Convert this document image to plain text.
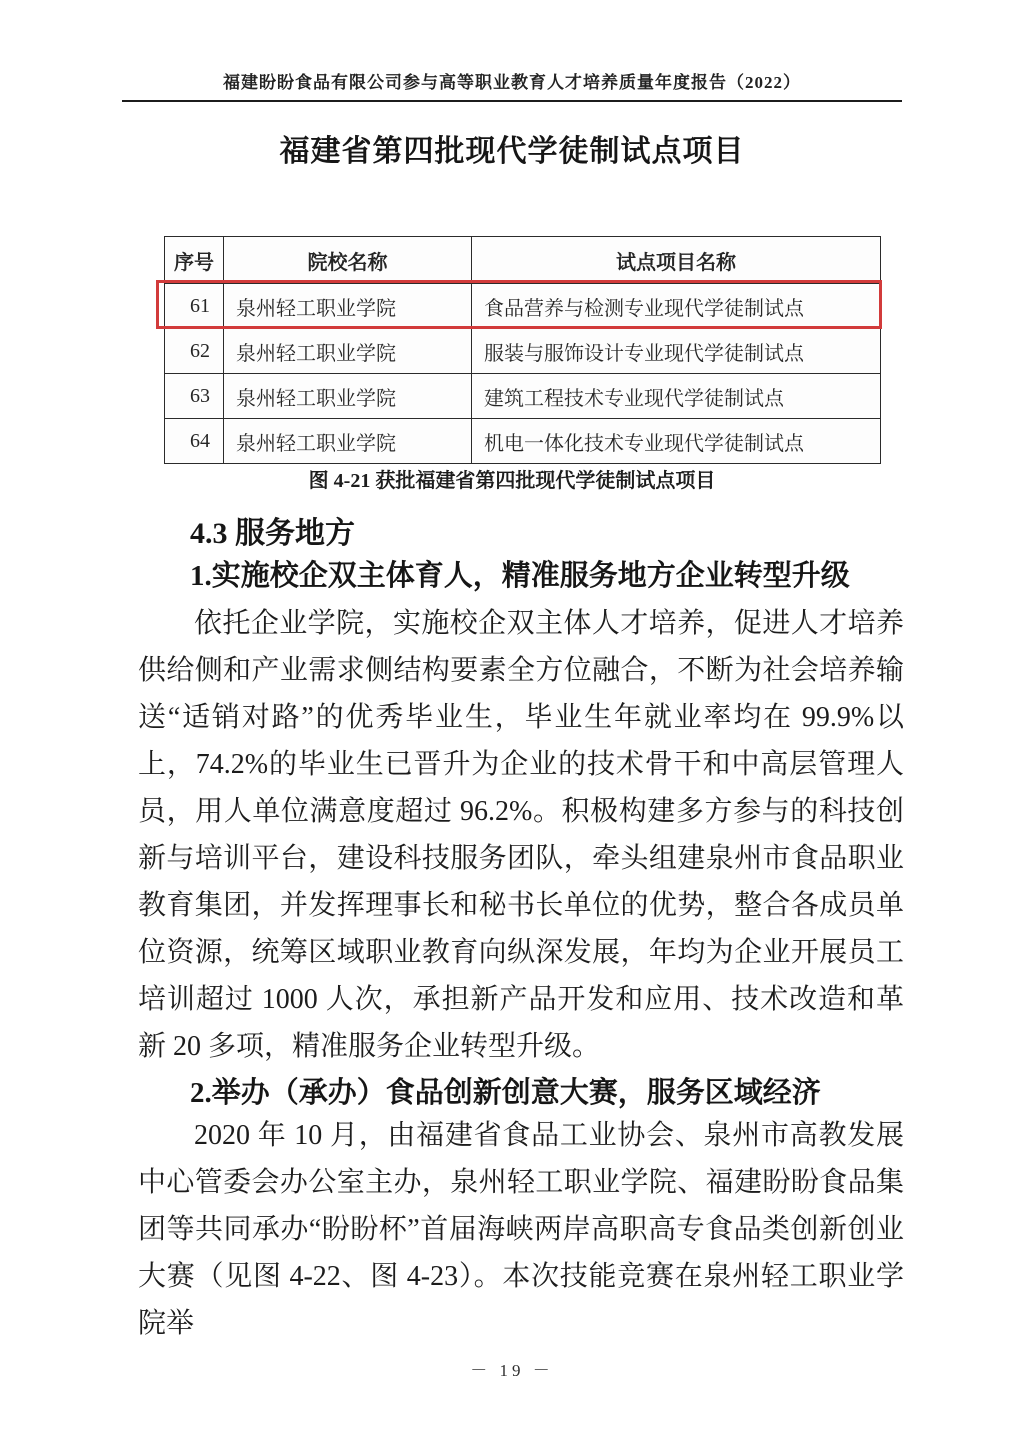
福建盼盼食品有限公司参与高等职业教育人才培养质量年度报告（2022）
福建省第四批现代学徒制试点项目
序号	院校名称	试点项目名称
61	泉州轻工职业学院	食品营养与检测专业现代学徒制试点
62	泉州轻工职业学院	服装与服饰设计专业现代学徒制试点
63	泉州轻工职业学院	建筑工程技术专业现代学徒制试点
64	泉州轻工职业学院	机电一体化技术专业现代学徒制试点
图 4-21 获批福建省第四批现代学徒制试点项目
4.3 服务地方
1.实施校企双主体育人，精准服务地方企业转型升级

依托企业学院，实施校企双主体人才培养，促进人才培养供给侧和产业需求侧结构要素全方位融合，不断为社会培养输送“适销对路”的优秀毕业生，毕业生年就业率均在 99.9%以上，74.2%的毕业生已晋升为企业的技术骨干和中高层管理人员，用人单位满意度超过 96.2%。积极构建多方参与的科技创新与培训平台，建设科技服务团队，牵头组建泉州市食品职业教育集团，并发挥理事长和秘书长单位的优势，整合各成员单位资源，统筹区域职业教育向纵深发展，年均为企业开展员工培训超过 1000 人次，承担新产品开发和应用、技术改造和革新 20 多项，精准服务企业转型升级。

2.举办（承办）食品创新创意大赛，服务区域经济

2020 年 10 月，由福建省食品工业协会、泉州市高教发展中心管委会办公室主办，泉州轻工职业学院、福建盼盼食品集团等共同承办“盼盼杯”首届海峡两岸高职高专食品类创新创业大赛（见图 4-22、图 4-23）。本次技能竞赛在泉州轻工职业学院举

－ 19 －
